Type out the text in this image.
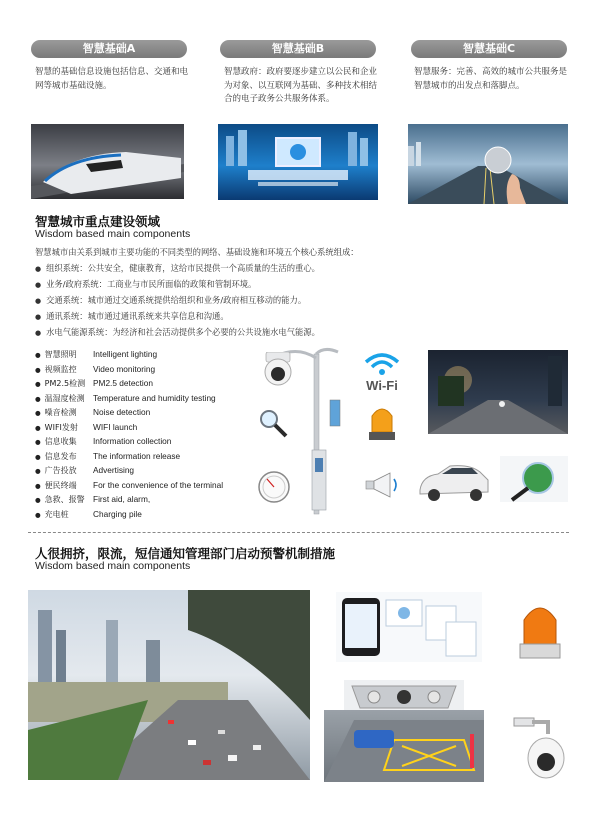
智慧基础A	智慧基础B	智慧基础C
智慧的基础信息设施包括信息、交通和电网等城市基础设施。
智慧政府：政府要逐步建立以公民和企业为对象、以互联网为基础、多种技术相结合的电子政务公共服务体系。
智慧服务：完善、高效的城市公共服务是智慧城市的出发点和落脚点。
智慧城市重点建设领域
Wisdom based main components
智慧城市由关系到城市主要功能的不同类型的网络、基础设施和环境五个核心系统组成：
● 组织系统：公共安全，健康教育，这给市民提供一个高质量的生活的重心。
● 业务/政府系统：工商业与市民所面临的政策和管制环境。
● 交通系统：城市通过交通系统提供给组织和业务/政府相互移动的能力。
● 通讯系统：城市通过通讯系统来共享信息和沟通。
● 水电气能源系统：为经济和社会活动提供多个必要的公共设施水电气能源。
● 智慧照明	Intelligent lighting
● 视频监控	Video monitoring
● PM2.5检测 PM2.5 detection
● 温湿度检测	Temperature and humidity testing
● 噪音检测	Noise detection
● WIFI发射	WIFI launch
● 信息收集	Information collection
● 信息发布	The information release
● 广告投放	Advertising
● 便民终端	For the convenience of the terminal
● 急救、报警	First aid, alarm,
● 充电桩	Charging pile
Wi-Fi
人很拥挤，限流，短信通知管理部门启动预警机制措施
Wisdom based main components
